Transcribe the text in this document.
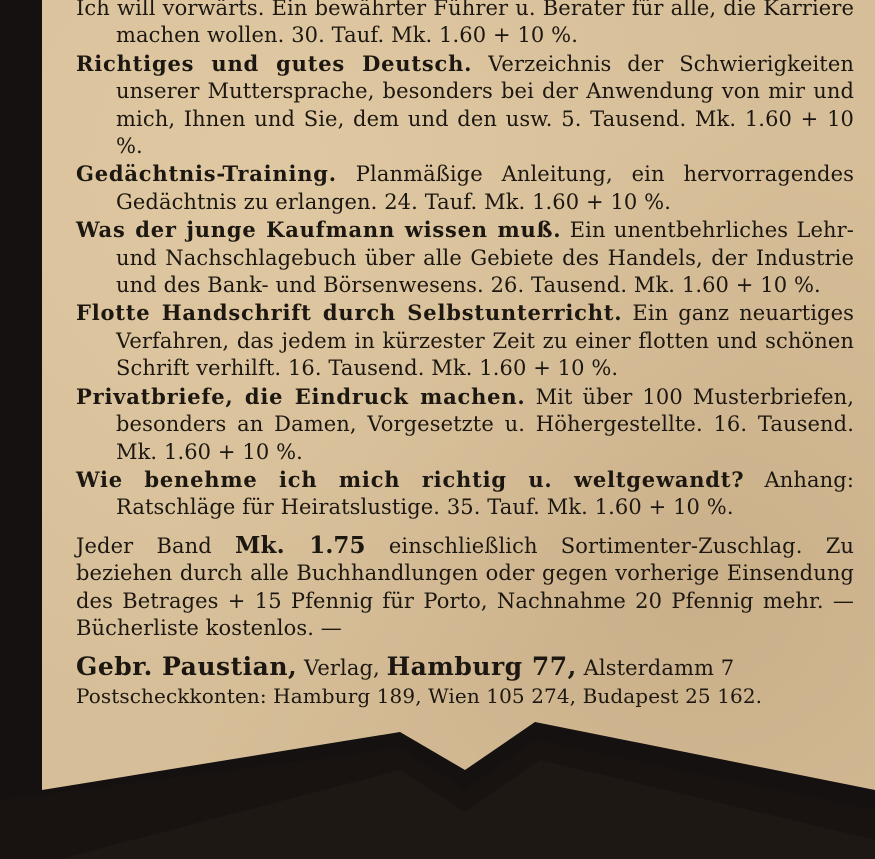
Ich will vorwärts. Ein bewährter Führer u. Berater für alle, die Karriere machen wollen. 30. Tauf. Mk. 1.60 + 10 %.

Richtiges und gutes Deutsch. Verzeichnis der Schwierigkeiten unserer Muttersprache, besonders bei der Anwendung von mir und mich, Ihnen und Sie, dem und den usw. 5. Tausend. Mk. 1.60 + 10 %.

Gedächtnis-Training. Planmäßige Anleitung, ein hervorragendes Gedächtnis zu erlangen. 24. Tauf. Mk. 1.60 + 10 %.

Was der junge Kaufmann wissen muß. Ein unentbehrliches Lehr- und Nachschlagebuch über alle Gebiete des Handels, der Industrie und des Bank- und Börsenwesens. 26. Tausend. Mk. 1.60 + 10 %.

Flotte Handschrift durch Selbstunterricht. Ein ganz neuartiges Verfahren, das jedem in kürzester Zeit zu einer flotten und schönen Schrift verhilft. 16. Tausend. Mk. 1.60 + 10 %.

Privatbriefe, die Eindruck machen. Mit über 100 Musterbriefen, besonders an Damen, Vorgesetzte u. Höhergestellte. 16. Tausend. Mk. 1.60 + 10 %.

Wie benehme ich mich richtig u. weltgewandt? Anhang: Ratschläge für Heiratslustige. 35. Tauf. Mk. 1.60 + 10 %.

Jeder Band Mk. 1.75 einschließlich Sortimenter-Zuschlag. Zu beziehen durch alle Buchhandlungen oder gegen vorherige Einsendung des Betrages + 15 Pfennig für Porto, Nachnahme 20 Pfennig mehr. — Bücherliste kostenlos. —

Gebr. Paustian, Verlag, Hamburg 77, Alsterdamm 7

Postscheckkonten: Hamburg 189, Wien 105 274, Budapest 25 162.
